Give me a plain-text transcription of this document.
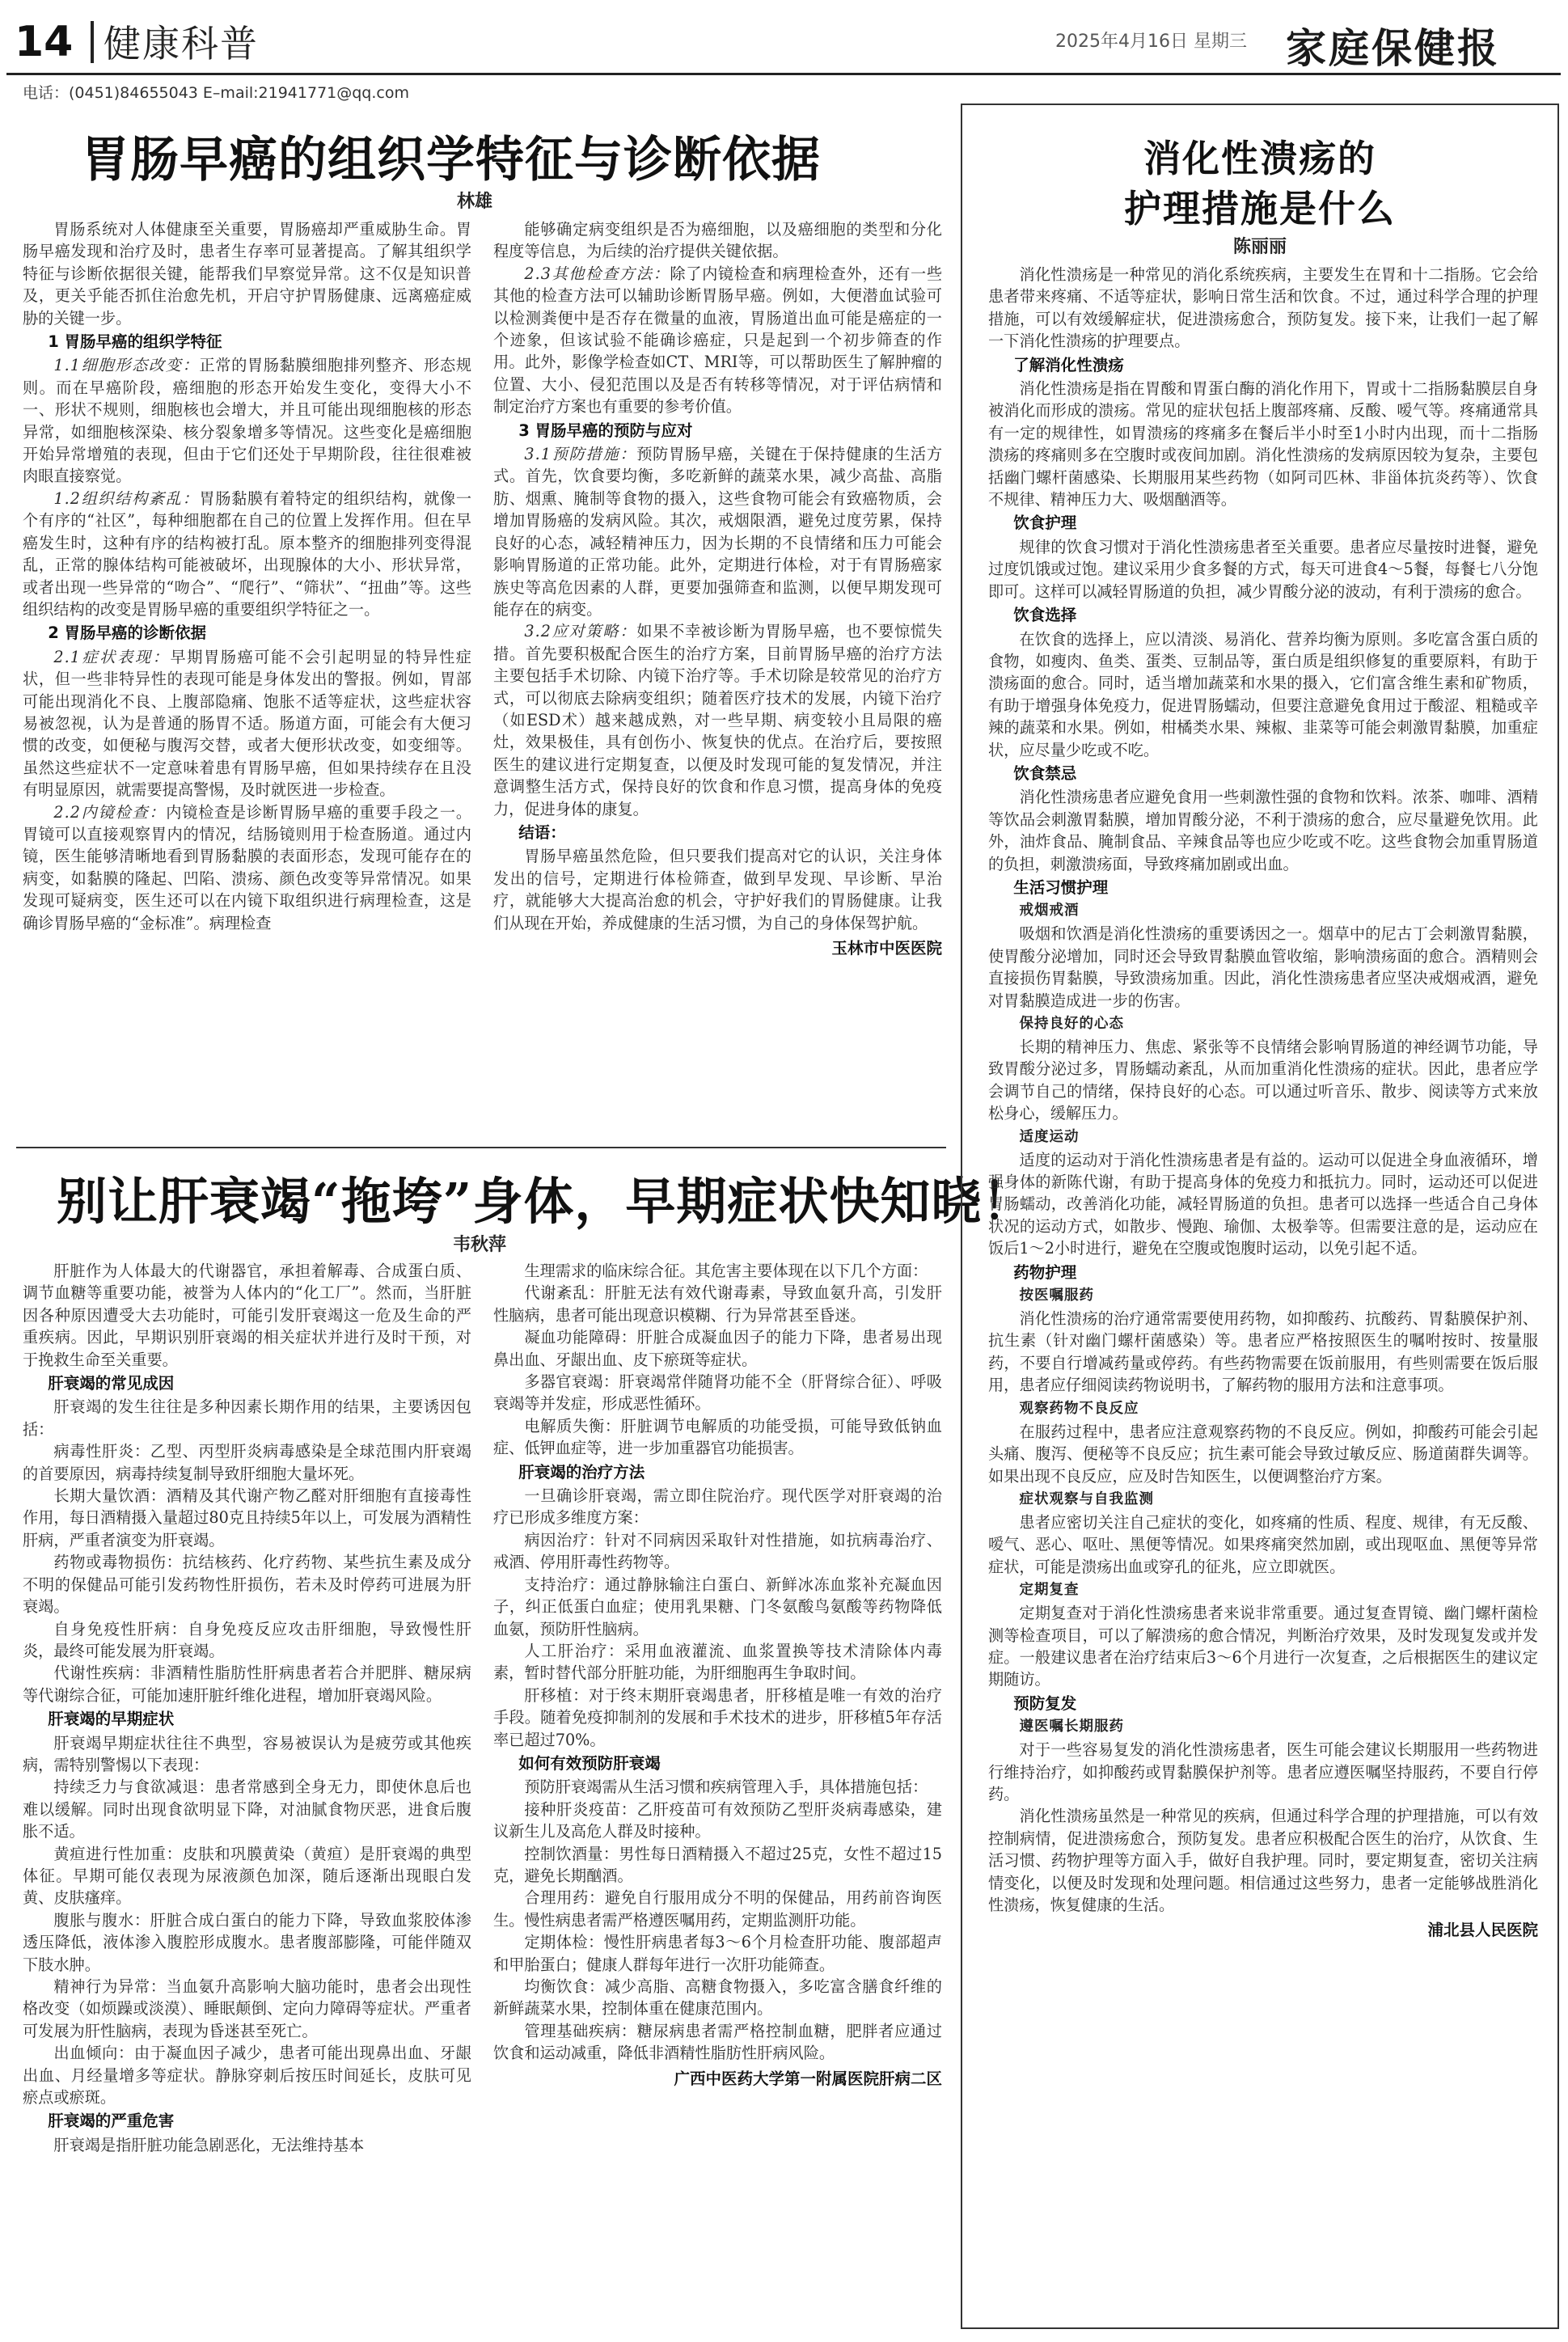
14 健康科普	2025年4月16日 星期三 家庭保健报
电话：(0451)84655043 E–mail:21941771@qq.com
胃肠早癌的组织学特征与诊断依据
林雄

胃肠系统对人体健康至关重要，胃肠癌却严重威胁生命。胃肠早癌发现和治疗及时，患者生存率可显著提高。了解其组织学特征与诊断依据很关键，能帮我们早察觉异常。这不仅是知识普及，更关乎能否抓住治愈先机，开启守护胃肠健康、远离癌症威胁的关键一步。

1 胃肠早癌的组织学特征

1.1细胞形态改变：正常的胃肠黏膜细胞排列整齐、形态规则。而在早癌阶段，癌细胞的形态开始发生变化，变得大小不一、形状不规则，细胞核也会增大，并且可能出现细胞核的形态异常，如细胞核深染、核分裂象增多等情况。这些变化是癌细胞开始异常增殖的表现，但由于它们还处于早期阶段，往往很难被肉眼直接察觉。

1.2组织结构紊乱：胃肠黏膜有着特定的组织结构，就像一个有序的“社区”，每种细胞都在自己的位置上发挥作用。但在早癌发生时，这种有序的结构被打乱。原本整齐的细胞排列变得混乱，正常的腺体结构可能被破坏，出现腺体的大小、形状异常，或者出现一些异常的“吻合”、“爬行”、“筛状”、“扭曲”等。这些组织结构的改变是胃肠早癌的重要组织学特征之一。

2 胃肠早癌的诊断依据

2.1症状表现：早期胃肠癌可能不会引起明显的特异性症状，但一些非特异性的表现可能是身体发出的警报。例如，胃部可能出现消化不良、上腹部隐痛、饱胀不适等症状，这些症状容易被忽视，认为是普通的肠胃不适。肠道方面，可能会有大便习惯的改变，如便秘与腹泻交替，或者大便形状改变，如变细等。虽然这些症状不一定意味着患有胃肠早癌，但如果持续存在且没有明显原因，就需要提高警惕，及时就医进一步检查。

2.2内镜检查：内镜检查是诊断胃肠早癌的重要手段之一。胃镜可以直接观察胃内的情况，结肠镜则用于检查肠道。通过内镜，医生能够清晰地看到胃肠黏膜的表面形态，发现可能存在的病变，如黏膜的隆起、凹陷、溃疡、颜色改变等异常情况。如果发现可疑病变，医生还可以在内镜下取组织进行病理检查，这是确诊胃肠早癌的“金标准”。病理检查

能够确定病变组织是否为癌细胞，以及癌细胞的类型和分化程度等信息，为后续的治疗提供关键依据。

2.3其他检查方法：除了内镜检查和病理检查外，还有一些其他的检查方法可以辅助诊断胃肠早癌。例如，大便潜血试验可以检测粪便中是否存在微量的血液，胃肠道出血可能是癌症的一个迹象，但该试验不能确诊癌症，只是起到一个初步筛查的作用。此外，影像学检查如CT、MRI等，可以帮助医生了解肿瘤的位置、大小、侵犯范围以及是否有转移等情况，对于评估病情和制定治疗方案也有重要的参考价值。

3 胃肠早癌的预防与应对

3.1预防措施：预防胃肠早癌，关键在于保持健康的生活方式。首先，饮食要均衡，多吃新鲜的蔬菜水果，减少高盐、高脂肪、烟熏、腌制等食物的摄入，这些食物可能会有致癌物质，会增加胃肠癌的发病风险。其次，戒烟限酒，避免过度劳累，保持良好的心态，减轻精神压力，因为长期的不良情绪和压力可能会影响胃肠道的正常功能。此外，定期进行体检，对于有胃肠癌家族史等高危因素的人群，更要加强筛查和监测，以便早期发现可能存在的病变。

3.2应对策略：如果不幸被诊断为胃肠早癌，也不要惊慌失措。首先要积极配合医生的治疗方案，目前胃肠早癌的治疗方法主要包括手术切除、内镜下治疗等。手术切除是较常见的治疗方式，可以彻底去除病变组织；随着医疗技术的发展，内镜下治疗（如ESD术）越来越成熟，对一些早期、病变较小且局限的癌灶，效果极佳，具有创伤小、恢复快的优点。在治疗后，要按照医生的建议进行定期复查，以便及时发现可能的复发情况，并注意调整生活方式，保持良好的饮食和作息习惯，提高身体的免疫力，促进身体的康复。

结语：

胃肠早癌虽然危险，但只要我们提高对它的认识，关注身体发出的信号，定期进行体检筛查，做到早发现、早诊断、早治疗，就能够大大提高治愈的机会，守护好我们的胃肠健康。让我们从现在开始，养成健康的生活习惯，为自己的身体保驾护航。

玉林市中医医院

别让肝衰竭“拖垮”身体，早期症状快知晓！
韦秋萍

肝脏作为人体最大的代谢器官，承担着解毒、合成蛋白质、调节血糖等重要功能，被誉为人体内的“化工厂”。然而，当肝脏因各种原因遭受大去功能时，可能引发肝衰竭这一危及生命的严重疾病。因此，早期识别肝衰竭的相关症状并进行及时干预，对于挽救生命至关重要。

肝衰竭的常见成因

肝衰竭的发生往往是多种因素长期作用的结果，主要诱因包括：

病毒性肝炎：乙型、丙型肝炎病毒感染是全球范围内肝衰竭的首要原因，病毒持续复制导致肝细胞大量坏死。

长期大量饮酒：酒精及其代谢产物乙醛对肝细胞有直接毒性作用，每日酒精摄入量超过80克且持续5年以上，可发展为酒精性肝病，严重者演变为肝衰竭。

药物或毒物损伤：抗结核药、化疗药物、某些抗生素及成分不明的保健品可能引发药物性肝损伤，若未及时停药可进展为肝衰竭。

自身免疫性肝病：自身免疫反应攻击肝细胞，导致慢性肝炎，最终可能发展为肝衰竭。

代谢性疾病：非酒精性脂肪性肝病患者若合并肥胖、糖尿病等代谢综合征，可能加速肝脏纤维化进程，增加肝衰竭风险。

肝衰竭的早期症状

肝衰竭早期症状往往不典型，容易被误认为是疲劳或其他疾病，需特别警惕以下表现：

持续乏力与食欲减退：患者常感到全身无力，即使休息后也难以缓解。同时出现食欲明显下降，对油腻食物厌恶，进食后腹胀不适。

黄疸进行性加重：皮肤和巩膜黄染（黄疸）是肝衰竭的典型体征。早期可能仅表现为尿液颜色加深，随后逐渐出现眼白发黄、皮肤瘙痒。

腹胀与腹水：肝脏合成白蛋白的能力下降，导致血浆胶体渗透压降低，液体渗入腹腔形成腹水。患者腹部膨隆，可能伴随双下肢水肿。

精神行为异常：当血氨升高影响大脑功能时，患者会出现性格改变（如烦躁或淡漠）、睡眠颠倒、定向力障碍等症状。严重者可发展为肝性脑病，表现为昏迷甚至死亡。

出血倾向：由于凝血因子减少，患者可能出现鼻出血、牙龈出血、月经量增多等症状。静脉穿刺后按压时间延长，皮肤可见瘀点或瘀斑。

肝衰竭的严重危害

肝衰竭是指肝脏功能急剧恶化，无法维持基本

生理需求的临床综合征。其危害主要体现在以下几个方面：

代谢紊乱：肝脏无法有效代谢毒素，导致血氨升高，引发肝性脑病，患者可能出现意识模糊、行为异常甚至昏迷。

凝血功能障碍：肝脏合成凝血因子的能力下降，患者易出现鼻出血、牙龈出血、皮下瘀斑等症状。

多器官衰竭：肝衰竭常伴随肾功能不全（肝肾综合征）、呼吸衰竭等并发症，形成恶性循环。

电解质失衡：肝脏调节电解质的功能受损，可能导致低钠血症、低钾血症等，进一步加重器官功能损害。

肝衰竭的治疗方法

一旦确诊肝衰竭，需立即住院治疗。现代医学对肝衰竭的治疗已形成多维度方案：

病因治疗：针对不同病因采取针对性措施，如抗病毒治疗、戒酒、停用肝毒性药物等。

支持治疗：通过静脉输注白蛋白、新鲜冰冻血浆补充凝血因子，纠正低蛋白血症；使用乳果糖、门冬氨酸鸟氨酸等药物降低血氨，预防肝性脑病。

人工肝治疗：采用血液灌流、血浆置换等技术清除体内毒素，暂时替代部分肝脏功能，为肝细胞再生争取时间。

肝移植：对于终末期肝衰竭患者，肝移植是唯一有效的治疗手段。随着免疫抑制剂的发展和手术技术的进步，肝移植5年存活率已超过70%。

如何有效预防肝衰竭

预防肝衰竭需从生活习惯和疾病管理入手，具体措施包括：

接种肝炎疫苗：乙肝疫苗可有效预防乙型肝炎病毒感染，建议新生儿及高危人群及时接种。

控制饮酒量：男性每日酒精摄入不超过25克，女性不超过15克，避免长期酗酒。

合理用药：避免自行服用成分不明的保健品，用药前咨询医生。慢性病患者需严格遵医嘱用药，定期监测肝功能。

定期体检：慢性肝病患者每3～6个月检查肝功能、腹部超声和甲胎蛋白；健康人群每年进行一次肝功能筛查。

均衡饮食：减少高脂、高糖食物摄入，多吃富含膳食纤维的新鲜蔬菜水果，控制体重在健康范围内。

管理基础疾病：糖尿病患者需严格控制血糖，肥胖者应通过饮食和运动减重，降低非酒精性脂肪性肝病风险。

广西中医药大学第一附属医院肝病二区

消化性溃疡的
护理措施是什么
陈丽丽

消化性溃疡是一种常见的消化系统疾病，主要发生在胃和十二指肠。它会给患者带来疼痛、不适等症状，影响日常生活和饮食。不过，通过科学合理的护理措施，可以有效缓解症状，促进溃疡愈合，预防复发。接下来，让我们一起了解一下消化性溃疡的护理要点。

了解消化性溃疡

消化性溃疡是指在胃酸和胃蛋白酶的消化作用下，胃或十二指肠黏膜层自身被消化而形成的溃疡。常见的症状包括上腹部疼痛、反酸、嗳气等。疼痛通常具有一定的规律性，如胃溃疡的疼痛多在餐后半小时至1小时内出现，而十二指肠溃疡的疼痛则多在空腹时或夜间加剧。消化性溃疡的发病原因较为复杂，主要包括幽门螺杆菌感染、长期服用某些药物（如阿司匹林、非甾体抗炎药等）、饮食不规律、精神压力大、吸烟酗酒等。

饮食护理

规律的饮食习惯对于消化性溃疡患者至关重要。患者应尽量按时进餐，避免过度饥饿或过饱。建议采用少食多餐的方式，每天可进食4～5餐，每餐七八分饱即可。这样可以减轻胃肠道的负担，减少胃酸分泌的波动，有利于溃疡的愈合。

饮食选择

在饮食的选择上，应以清淡、易消化、营养均衡为原则。多吃富含蛋白质的食物，如瘦肉、鱼类、蛋类、豆制品等，蛋白质是组织修复的重要原料，有助于溃疡面的愈合。同时，适当增加蔬菜和水果的摄入，它们富含维生素和矿物质，有助于增强身体免疫力，促进胃肠蠕动，但要注意避免食用过于酸涩、粗糙或辛辣的蔬菜和水果。例如，柑橘类水果、辣椒、韭菜等可能会刺激胃黏膜，加重症状，应尽量少吃或不吃。

饮食禁忌

消化性溃疡患者应避免食用一些刺激性强的食物和饮料。浓茶、咖啡、酒精等饮品会刺激胃黏膜，增加胃酸分泌，不利于溃疡的愈合，应尽量避免饮用。此外，油炸食品、腌制食品、辛辣食品等也应少吃或不吃。这些食物会加重胃肠道的负担，刺激溃疡面，导致疼痛加剧或出血。

生活习惯护理
戒烟戒酒

吸烟和饮酒是消化性溃疡的重要诱因之一。烟草中的尼古丁会刺激胃黏膜，使胃酸分泌增加，同时还会导致胃黏膜血管收缩，影响溃疡面的愈合。酒精则会直接损伤胃黏膜，导致溃疡加重。因此，消化性溃疡患者应坚决戒烟戒酒，避免对胃黏膜造成进一步的伤害。

保持良好的心态

长期的精神压力、焦虑、紧张等不良情绪会影响胃肠道的神经调节功能，导致胃酸分泌过多，胃肠蠕动紊乱，从而加重消化性溃疡的症状。因此，患者应学会调节自己的情绪，保持良好的心态。可以通过听音乐、散步、阅读等方式来放松身心，缓解压力。

适度运动

适度的运动对于消化性溃疡患者是有益的。运动可以促进全身血液循环，增强身体的新陈代谢，有助于提高身体的免疫力和抵抗力。同时，运动还可以促进胃肠蠕动，改善消化功能，减轻胃肠道的负担。患者可以选择一些适合自己身体状况的运动方式，如散步、慢跑、瑜伽、太极拳等。但需要注意的是，运动应在饭后1～2小时进行，避免在空腹或饱腹时运动，以免引起不适。

药物护理
按医嘱服药

消化性溃疡的治疗通常需要使用药物，如抑酸药、抗酸药、胃黏膜保护剂、抗生素（针对幽门螺杆菌感染）等。患者应严格按照医生的嘱咐按时、按量服药，不要自行增减药量或停药。有些药物需要在饭前服用，有些则需要在饭后服用，患者应仔细阅读药物说明书，了解药物的服用方法和注意事项。

观察药物不良反应

在服药过程中，患者应注意观察药物的不良反应。例如，抑酸药可能会引起头痛、腹泻、便秘等不良反应；抗生素可能会导致过敏反应、肠道菌群失调等。如果出现不良反应，应及时告知医生，以便调整治疗方案。

症状观察与自我监测

患者应密切关注自己症状的变化，如疼痛的性质、程度、规律，有无反酸、嗳气、恶心、呕吐、黑便等情况。如果疼痛突然加剧，或出现呕血、黑便等异常症状，可能是溃疡出血或穿孔的征兆，应立即就医。

定期复查

定期复查对于消化性溃疡患者来说非常重要。通过复查胃镜、幽门螺杆菌检测等检查项目，可以了解溃疡的愈合情况，判断治疗效果，及时发现复发或并发症。一般建议患者在治疗结束后3～6个月进行一次复查，之后根据医生的建议定期随访。

预防复发
遵医嘱长期服药

对于一些容易复发的消化性溃疡患者，医生可能会建议长期服用一些药物进行维持治疗，如抑酸药或胃黏膜保护剂等。患者应遵医嘱坚持服药，不要自行停药。

消化性溃疡虽然是一种常见的疾病，但通过科学合理的护理措施，可以有效控制病情，促进溃疡愈合，预防复发。患者应积极配合医生的治疗，从饮食、生活习惯、药物护理等方面入手，做好自我护理。同时，要定期复查，密切关注病情变化，以便及时发现和处理问题。相信通过这些努力，患者一定能够战胜消化性溃疡，恢复健康的生活。

浦北县人民医院
